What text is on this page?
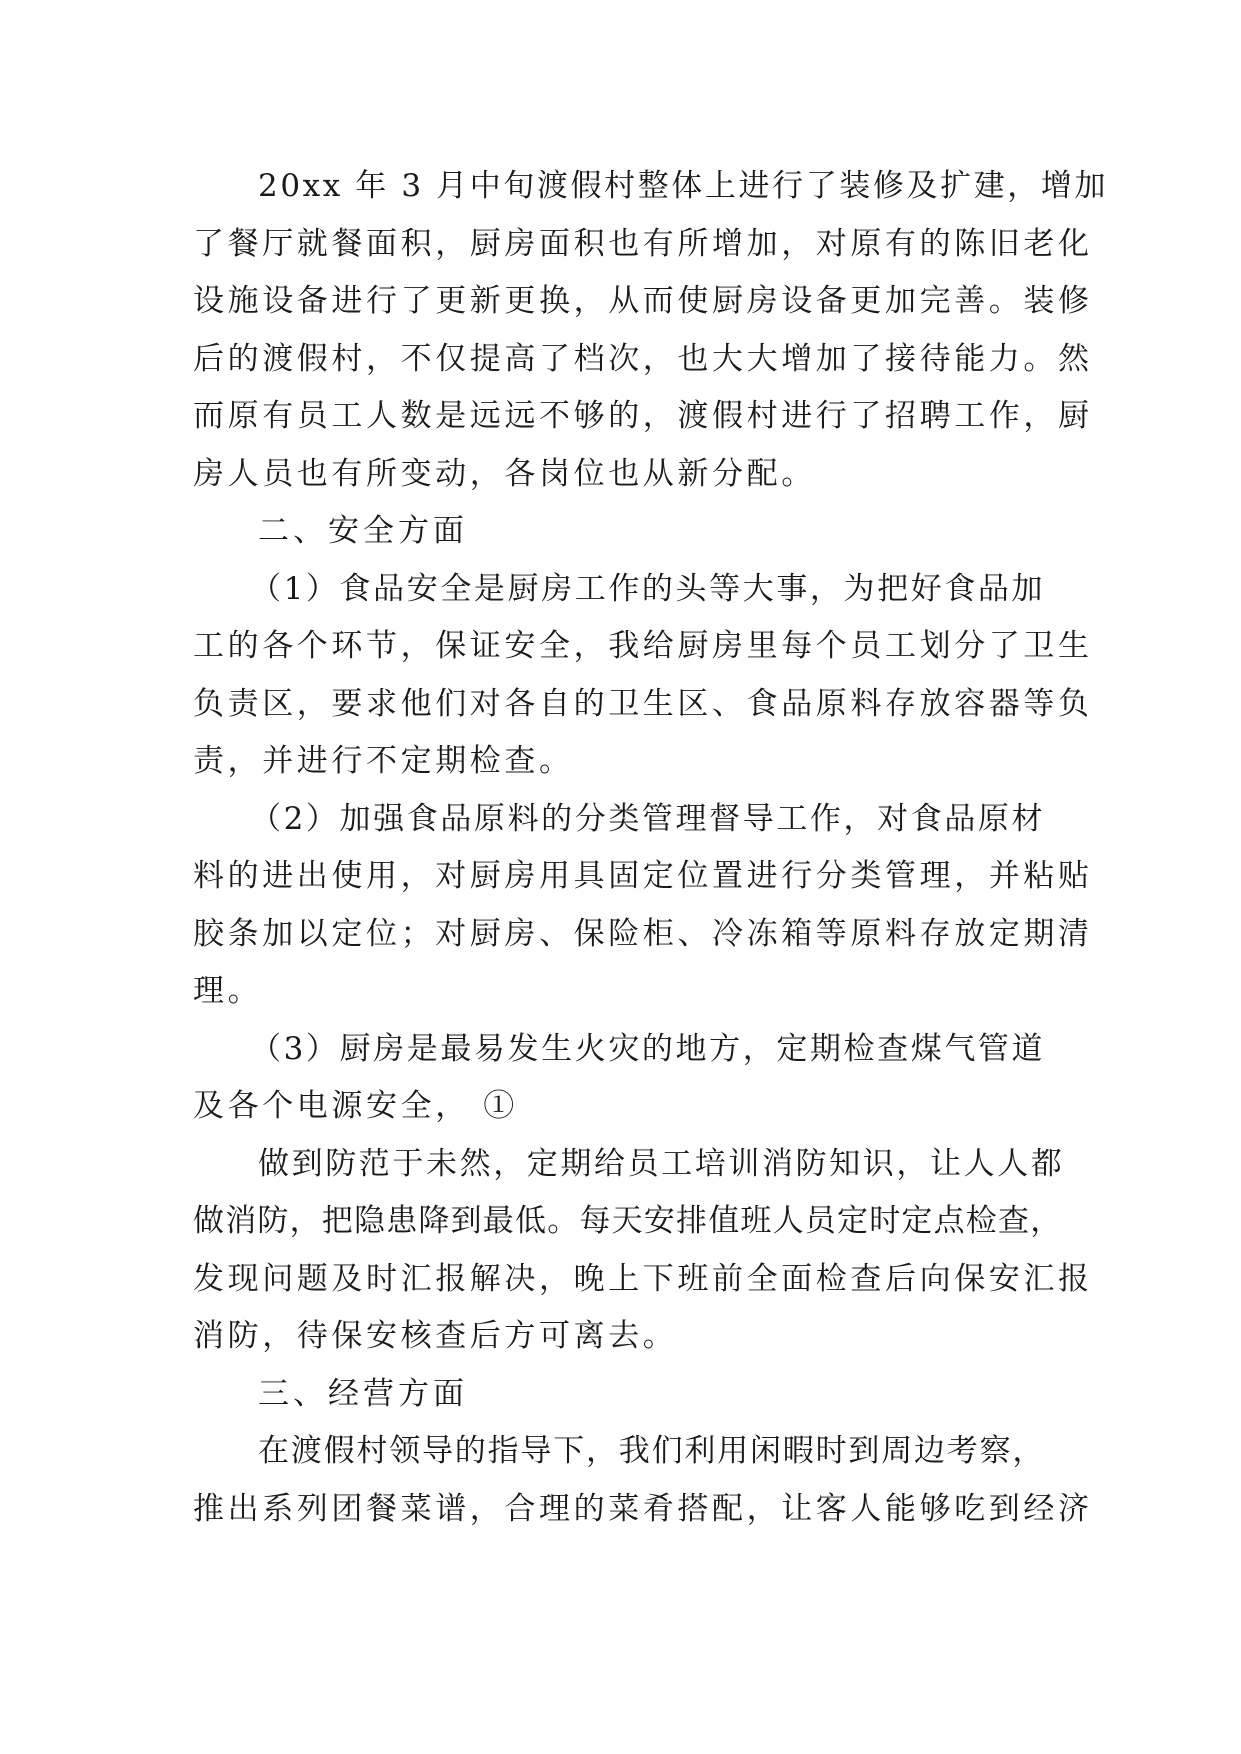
20xx 年 3 月中旬渡假村整体上进行了装修及扩建，增加
了餐厅就餐面积，厨房面积也有所增加，对原有的陈旧老化
设施设备进行了更新更换，从而使厨房设备更加完善。装修
后的渡假村，不仅提高了档次，也大大增加了接待能力。然
而原有员工人数是远远不够的，渡假村进行了招聘工作，厨
房人员也有所变动，各岗位也从新分配。
二、安全方面
（1）食品安全是厨房工作的头等大事，为把好食品加
工的各个环节，保证安全，我给厨房里每个员工划分了卫生
负责区，要求他们对各自的卫生区、食品原料存放容器等负
责，并进行不定期检查。
（2）加强食品原料的分类管理督导工作，对食品原材
料的进出使用，对厨房用具固定位置进行分类管理，并粘贴
胶条加以定位；对厨房、保险柜、冷冻箱等原料存放定期清
理。
（3）厨房是最易发生火灾的地方，定期检查煤气管道
及各个电源安全， ①
做到防范于未然，定期给员工培训消防知识，让人人都
做消防，把隐患降到最低。每天安排值班人员定时定点检查，
发现问题及时汇报解决，晚上下班前全面检查后向保安汇报
消防，待保安核查后方可离去。
三、经营方面
在渡假村领导的指导下，我们利用闲暇时到周边考察，
推出系列团餐菜谱，合理的菜肴搭配，让客人能够吃到经济
